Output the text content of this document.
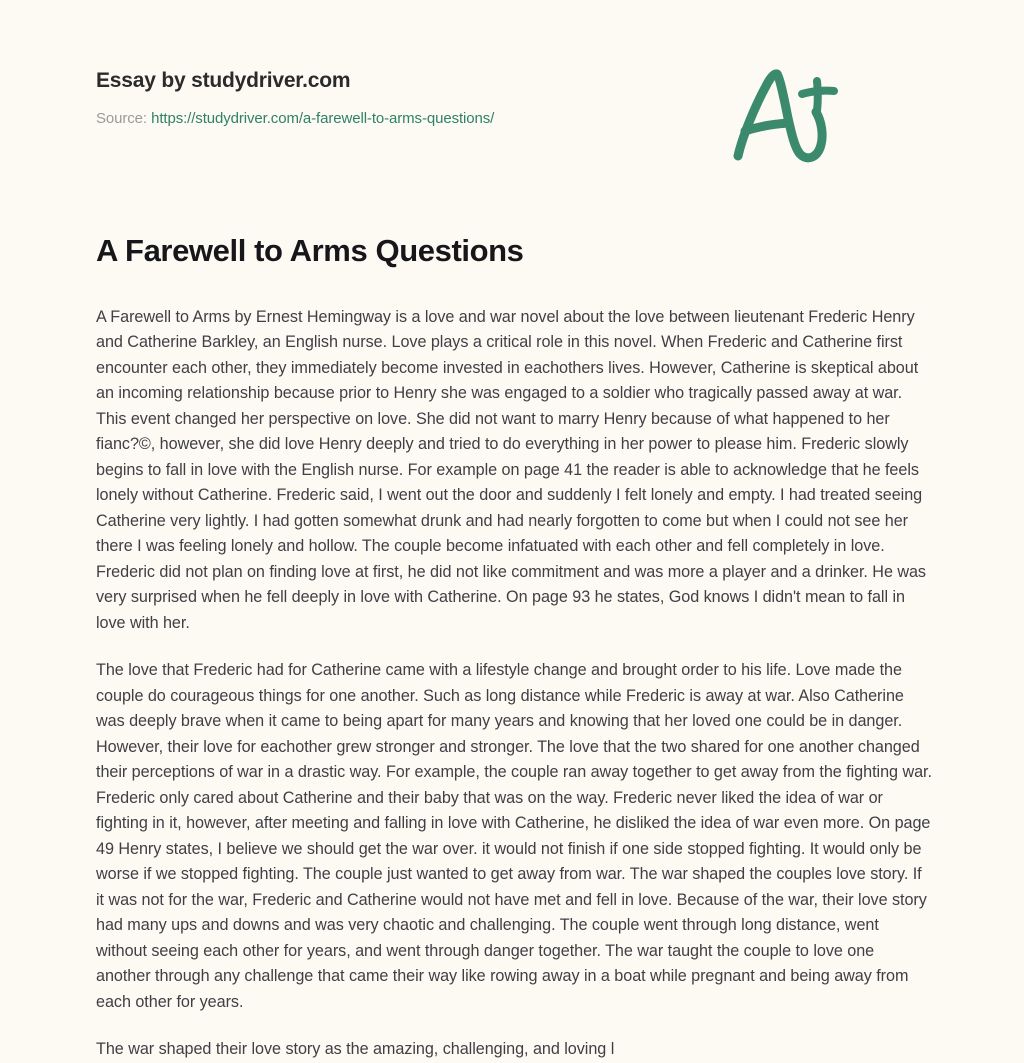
Essay by studydriver.com
Source: https://studydriver.com/a-farewell-to-arms-questions/
A Farewell to Arms Questions

A Farewell to Arms by Ernest Hemingway is a love and war novel about the love between lieutenant Frederic Henry and Catherine Barkley, an English nurse. Love plays a critical role in this novel. When Frederic and Catherine first encounter each other, they immediately become invested in eachothers lives. However, Catherine is skeptical about an incoming relationship because prior to Henry she was engaged to a soldier who tragically passed away at war. This event changed her perspective on love. She did not want to marry Henry because of what happened to her fianc?©, however, she did love Henry deeply and tried to do everything in her power to please him. Frederic slowly begins to fall in love with the English nurse. For example on page 41 the reader is able to acknowledge that he feels lonely without Catherine. Frederic said, I went out the door and suddenly I felt lonely and empty. I had treated seeing Catherine very lightly. I had gotten somewhat drunk and had nearly forgotten to come but when I could not see her there I was feeling lonely and hollow. The couple become infatuated with each other and fell completely in love. Frederic did not plan on finding love at first, he did not like commitment and was more a player and a drinker. He was very surprised when he fell deeply in love with Catherine. On page 93 he states, God knows I didn't mean to fall in love with her.

The love that Frederic had for Catherine came with a lifestyle change and brought order to his life. Love made the couple do courageous things for one another. Such as long distance while Frederic is away at war. Also Catherine was deeply brave when it came to being apart for many years and knowing that her loved one could be in danger. However, their love for eachother grew stronger and stronger. The love that the two shared for one another changed their perceptions of war in a drastic way. For example, the couple ran away together to get away from the fighting war. Frederic only cared about Catherine and their baby that was on the way. Frederic never liked the idea of war or fighting in it, however, after meeting and falling in love with Catherine, he disliked the idea of war even more. On page 49 Henry states, I believe we should get the war over. it would not finish if one side stopped fighting. It would only be worse if we stopped fighting. The couple just wanted to get away from war. The war shaped the couples love story. If it was not for the war, Frederic and Catherine would not have met and fell in love. Because of the war, their love story had many ups and downs and was very chaotic and challenging. The couple went through long distance, went without seeing each other for years, and went through danger together. The war taught the couple to love one another through any challenge that came their way like rowing away in a boat while pregnant and being away from each other for years.

The war shaped their love story as the amazing, challenging, and loving l
